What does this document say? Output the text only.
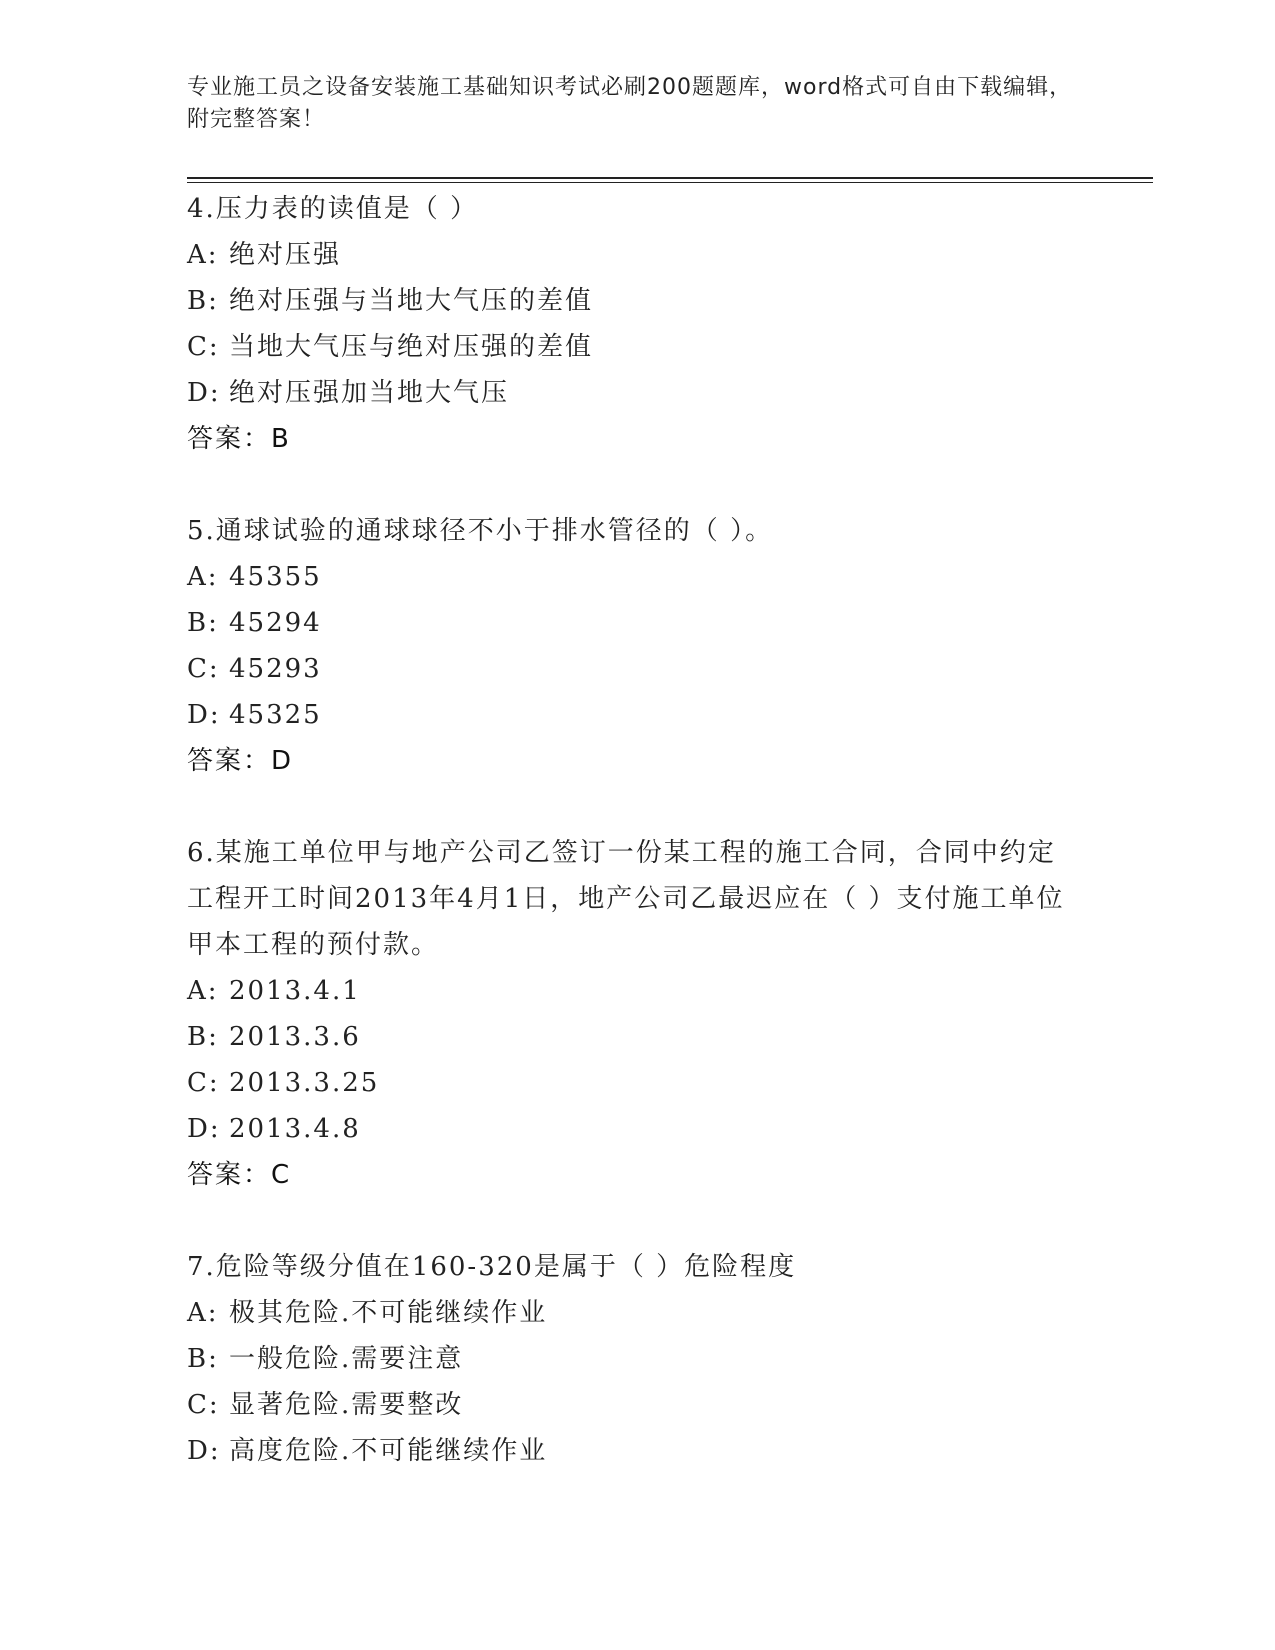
专业施工员之设备安装施工基础知识考试必刷200题题库，word格式可自由下载编辑，附完整答案！
4.压力表的读值是（ ）
A: 绝对压强
B: 绝对压强与当地大气压的差值
C: 当地大气压与绝对压强的差值
D: 绝对压强加当地大气压
答案：B
5.通球试验的通球球径不小于排水管径的（ ）。
A: 45355
B: 45294
C: 45293
D: 45325
答案：D
6.某施工单位甲与地产公司乙签订一份某工程的施工合同，合同中约定工程开工时间2013年4月1日，地产公司乙最迟应在（ ）支付施工单位甲本工程的预付款。
A: 2013.4.1
B: 2013.3.6
C: 2013.3.25
D: 2013.4.8
答案：C
7.危险等级分值在160-320是属于（ ）危险程度
A: 极其危险.不可能继续作业
B: 一般危险.需要注意
C: 显著危险.需要整改
D: 高度危险.不可能继续作业
